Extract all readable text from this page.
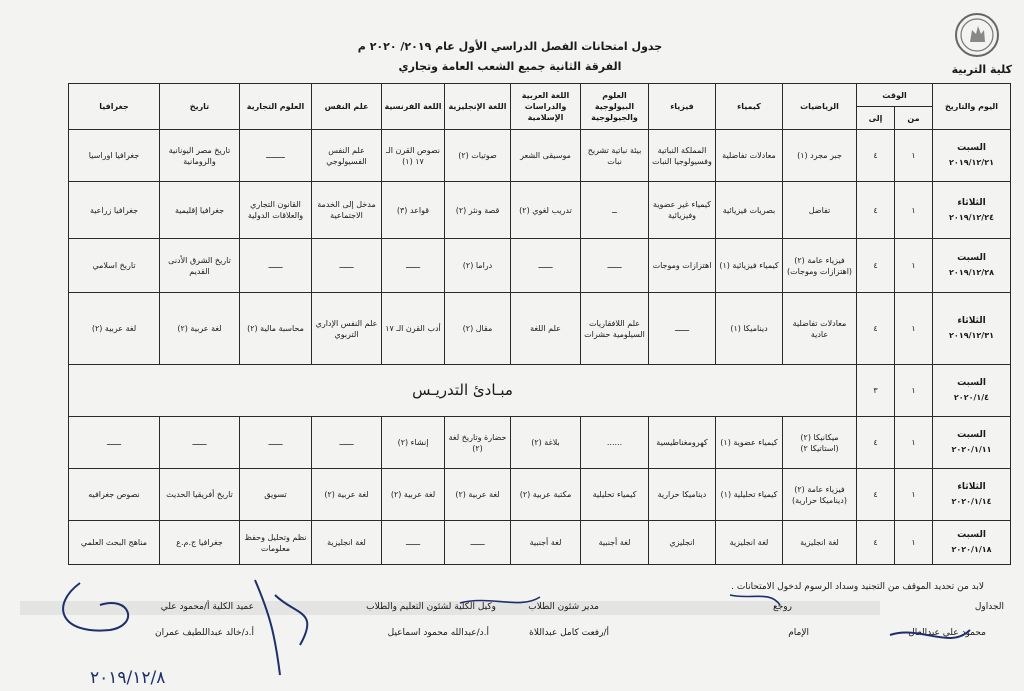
جدول امتحانات الفصل الدراسي الأول عام ٢٠١٩/ ٢٠٢٠ م
الفرقة الثانية جميع الشعب العامة وتجاري	كلية التربية
اليوم والتاريخ	الوقت		الرياضيات	كيمياء	فيزياء	العلوم البيولوجية والجيولوجية	اللغة العربية والدراسات الإسلامية	اللغة الإنجليزية	اللغة الفرنسية	علم النفس	العلوم التجارية	تاريخ	جغرافيا
	من	إلى											
السبت
٢٠١٩/١٢/٢١	١	٤	جبر مجرد (١)	معادلات تفاضلية	المملكة النباتية وفسيولوجيا النبات	بيئة نباتية تشريح نبات	موسيقى الشعر	صوتيات (٢)	نصوص القرن الـ ١٧ (١)	علم النفس الفسيولوجي	ــــــــ	تاريخ مصر اليونانية والرومانية	جغرافيا اوراسيا
الثلاثاء
٢٠١٩/١٢/٢٤	١	٤	تفاضل	بصريات فيزيائية	كيمياء غير عضوية وفيزيائية	ــ	تدريب لغوي (٢)	قصة ونثر (٢)	قواعد (٣)	مدخل إلى الخدمة الاجتماعية	القانون التجاري والعلاقات الدولية	جغرافيا إقليمية	جغرافيا زراعية
السبت
٢٠١٩/١٢/٢٨	١	٤	فيزياء عامة (٢) (اهتزازات وموجات)	كيمياء فيزيائية (١)	اهتزازات وموجات	ــــــ	ــــــ	دراما (٢)	ــــــ	ــــــ	ــــــ	تاريخ الشرق الأدنى القديم	تاريخ اسلامي
الثلاثاء
٢٠١٩/١٢/٣١	١	٤	معادلات تفاضلية عادية	ديناميكا (١)	ــــــ	علم اللافقاريات السيلومية حشرات	علم اللغة	مقال (٢)	أدب القرن الـ ١٧	علم النفس الإداري التربوي	محاسبة مالية (٢)	لغة عربية (٢)	لغة عربية (٢)
السبت
٢٠٢٠/١/٤	١	٣	مبـادئ التدريـس										
السبت
٢٠٢٠/١/١١	١	٤	ميكانيكا (٢) (استاتيكا ٢)	كيمياء عضوية (١)	كهرومغناطيسية	......	بلاغة (٢)	حضارة وتاريخ لغة (٢)	إنشاء (٢)	ــــــ	ــــــ	ــــــ	ــــــ
الثلاثاء
٢٠٢٠/١/١٤	١	٤	فيزياء عامة (٢) (ديناميكا حرارية)	كيمياء تحليلية (١)	ديناميكا حرارية	كيمياء تحليلية	مكتبة عربية (٢)	لغة عربية (٢)	لغة عربية (٢)	لغة عربية (٢)	تسويق	تاريخ أفريقيا الحديث	نصوص جغرافيه
السبت
٢٠٢٠/١/١٨	١	٤	لغة انجليزية	لغة انجليزية	انجليزي	لغة أجنبية	لغة أجنبية	ــــــ	ــــــ	لغة انجليزية	نظم وتحليل وحفظ معلومات	جغرافيا ج.م.ع	مناهج البحث العلمي
لابد من تحديد الموقف من التجنيد وسداد الرسوم لدخول الامتحانات .
الجداول
روجع
مدير شئون الطلاب
وكيل الكلية لشئون التعليم والطلاب
عميد الكلية أ/محمود علي
محمود علي عبدالعال
الإمام
أ/رفعت كامل عبداللاة
أ.د/عبدالله محمود اسماعيل
أ.د/خالد عبداللطيف عمران
٢٠١٩/١٢/٨
